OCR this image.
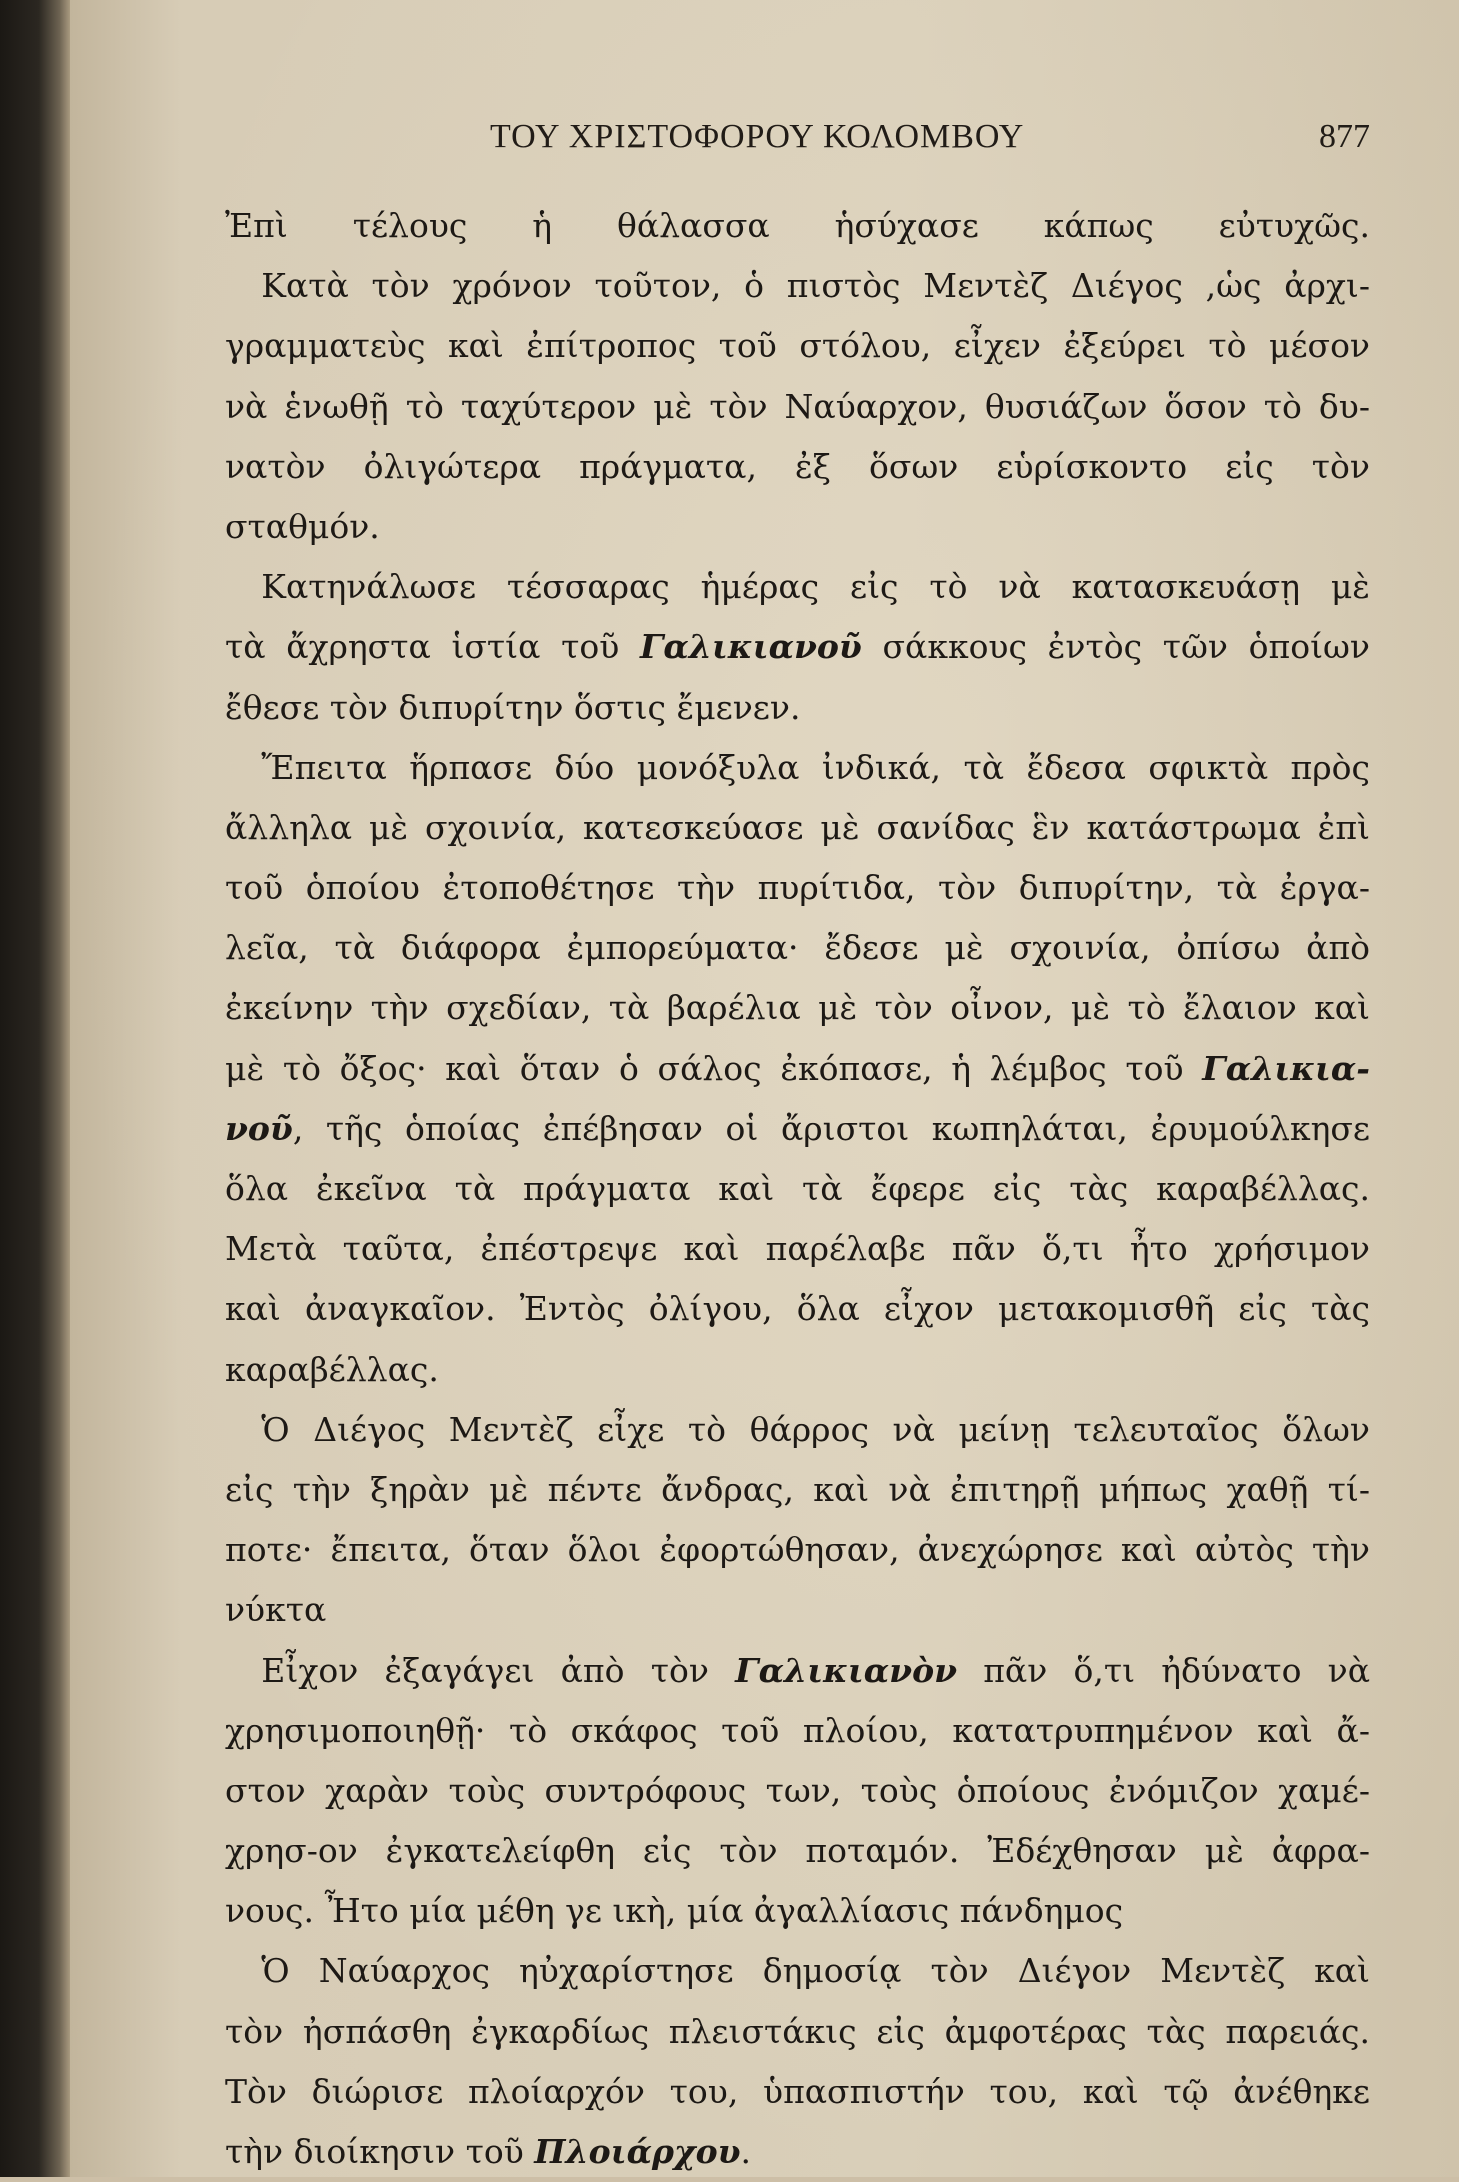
ΤΟΥ ΧΡΙΣΤΟΦΟΡΟΥ ΚΟΛΟΜΒΟΥ	877
Ἐπὶ τέλους ἡ θάλασσα ἡσύχασε κάπως εὐτυχῶς.
Κατὰ τὸν χρόνον τοῦτον, ὁ πιστὸς Μεντὲζ Διέγος ,ὡς ἀρχι-
γραμματεὺς καὶ ἐπίτροπος τοῦ στόλου, εἶχεν ἐξεύρει τὸ μέσον
νὰ ἑνωθῇ τὸ ταχύτερον μὲ τὸν Ναύαρχον, θυσιάζων ὅσον τὸ δυ-
νατὸν ὀλιγώτερα πράγματα, ἐξ ὅσων εὑρίσκοντο εἰς τὸν
σταθμόν.
Κατηνάλωσε τέσσαρας ἡμέρας εἰς τὸ νὰ κατασκευάσῃ μὲ
τὰ ἄχρηστα ἱστία τοῦ Γαλικιανοῦ σάκκους ἐντὸς τῶν ὁποίων
ἔθεσε τὸν διπυρίτην ὅστις ἔμενεν.
Ἔπειτα ἥρπασε δύο μονόξυλα ἰνδικά, τὰ ἔδεσα σφικτὰ πρὸς
ἄλληλα μὲ σχοινία, κατεσκεύασε μὲ σανίδας ἓν κατάστρωμα ἐπὶ
τοῦ ὁποίου ἐτοποθέτησε τὴν πυρίτιδα, τὸν διπυρίτην, τὰ ἐργα-
λεῖα, τὰ διάφορα ἐμπορεύματα· ἔδεσε μὲ σχοινία, ὀπίσω ἀπὸ
ἐκείνην τὴν σχεδίαν, τὰ βαρέλια μὲ τὸν οἶνον, μὲ τὸ ἔλαιον καὶ
μὲ τὸ ὄξος· καὶ ὅταν ὁ σάλος ἐκόπασε, ἡ λέμβος τοῦ Γαλικια-
νοῦ, τῆς ὁποίας ἐπέβησαν οἱ ἄριστοι κωπηλάται, ἐρυμούλκησε
ὅλα ἐκεῖνα τὰ πράγματα καὶ τὰ ἔφερε εἰς τὰς καραβέλλας.
Μετὰ ταῦτα, ἐπέστρεψε καὶ παρέλαβε πᾶν ὅ,τι ἦτο χρήσιμον
καὶ ἀναγκαῖον. Ἐντὸς ὀλίγου, ὅλα εἶχον μετακομισθῆ εἰς τὰς
καραβέλλας.
Ὁ Διέγος Μεντὲζ εἶχε τὸ θάρρος νὰ μείνῃ τελευταῖος ὅλων
εἰς τὴν ξηρὰν μὲ πέντε ἄνδρας, καὶ νὰ ἐπιτηρῇ μήπως χαθῇ τί-
ποτε· ἔπειτα, ὅταν ὅλοι ἐφορτώθησαν, ἀνεχώρησε καὶ αὐτὸς τὴν
νύκτα
Εἶχον ἐξαγάγει ἀπὸ τὸν Γαλικιανὸν πᾶν ὅ,τι ἠδύνατο νὰ
χρησιμοποιηθῇ· τὸ σκάφος τοῦ πλοίου, κατατρυπημένον καὶ ἄ-
στον χαρὰν τοὺς συντρόφους των, τοὺς ὁποίους ἐνόμιζον χαμέ-
χρησ-ον ἐγκατελείφθη εἰς τὸν ποταμόν. Ἐδέχθησαν μὲ ἀφρα-
νους. Ἦτο μία μέθη γε ικὴ, μία ἀγαλλίασις πάνδημος
Ὁ Ναύαρχος ηὐχαρίστησε δημοσίᾳ τὸν Διέγον Μεντὲζ καὶ
τὸν ἠσπάσθη ἐγκαρδίως πλειστάκις εἰς ἀμφοτέρας τὰς παρειάς.
Τὸν διώρισε πλοίαρχόν του, ὑπασπιστήν του, καὶ τῷ ἀνέθηκε
τὴν διοίκησιν τοῦ Πλοιάρχου.
